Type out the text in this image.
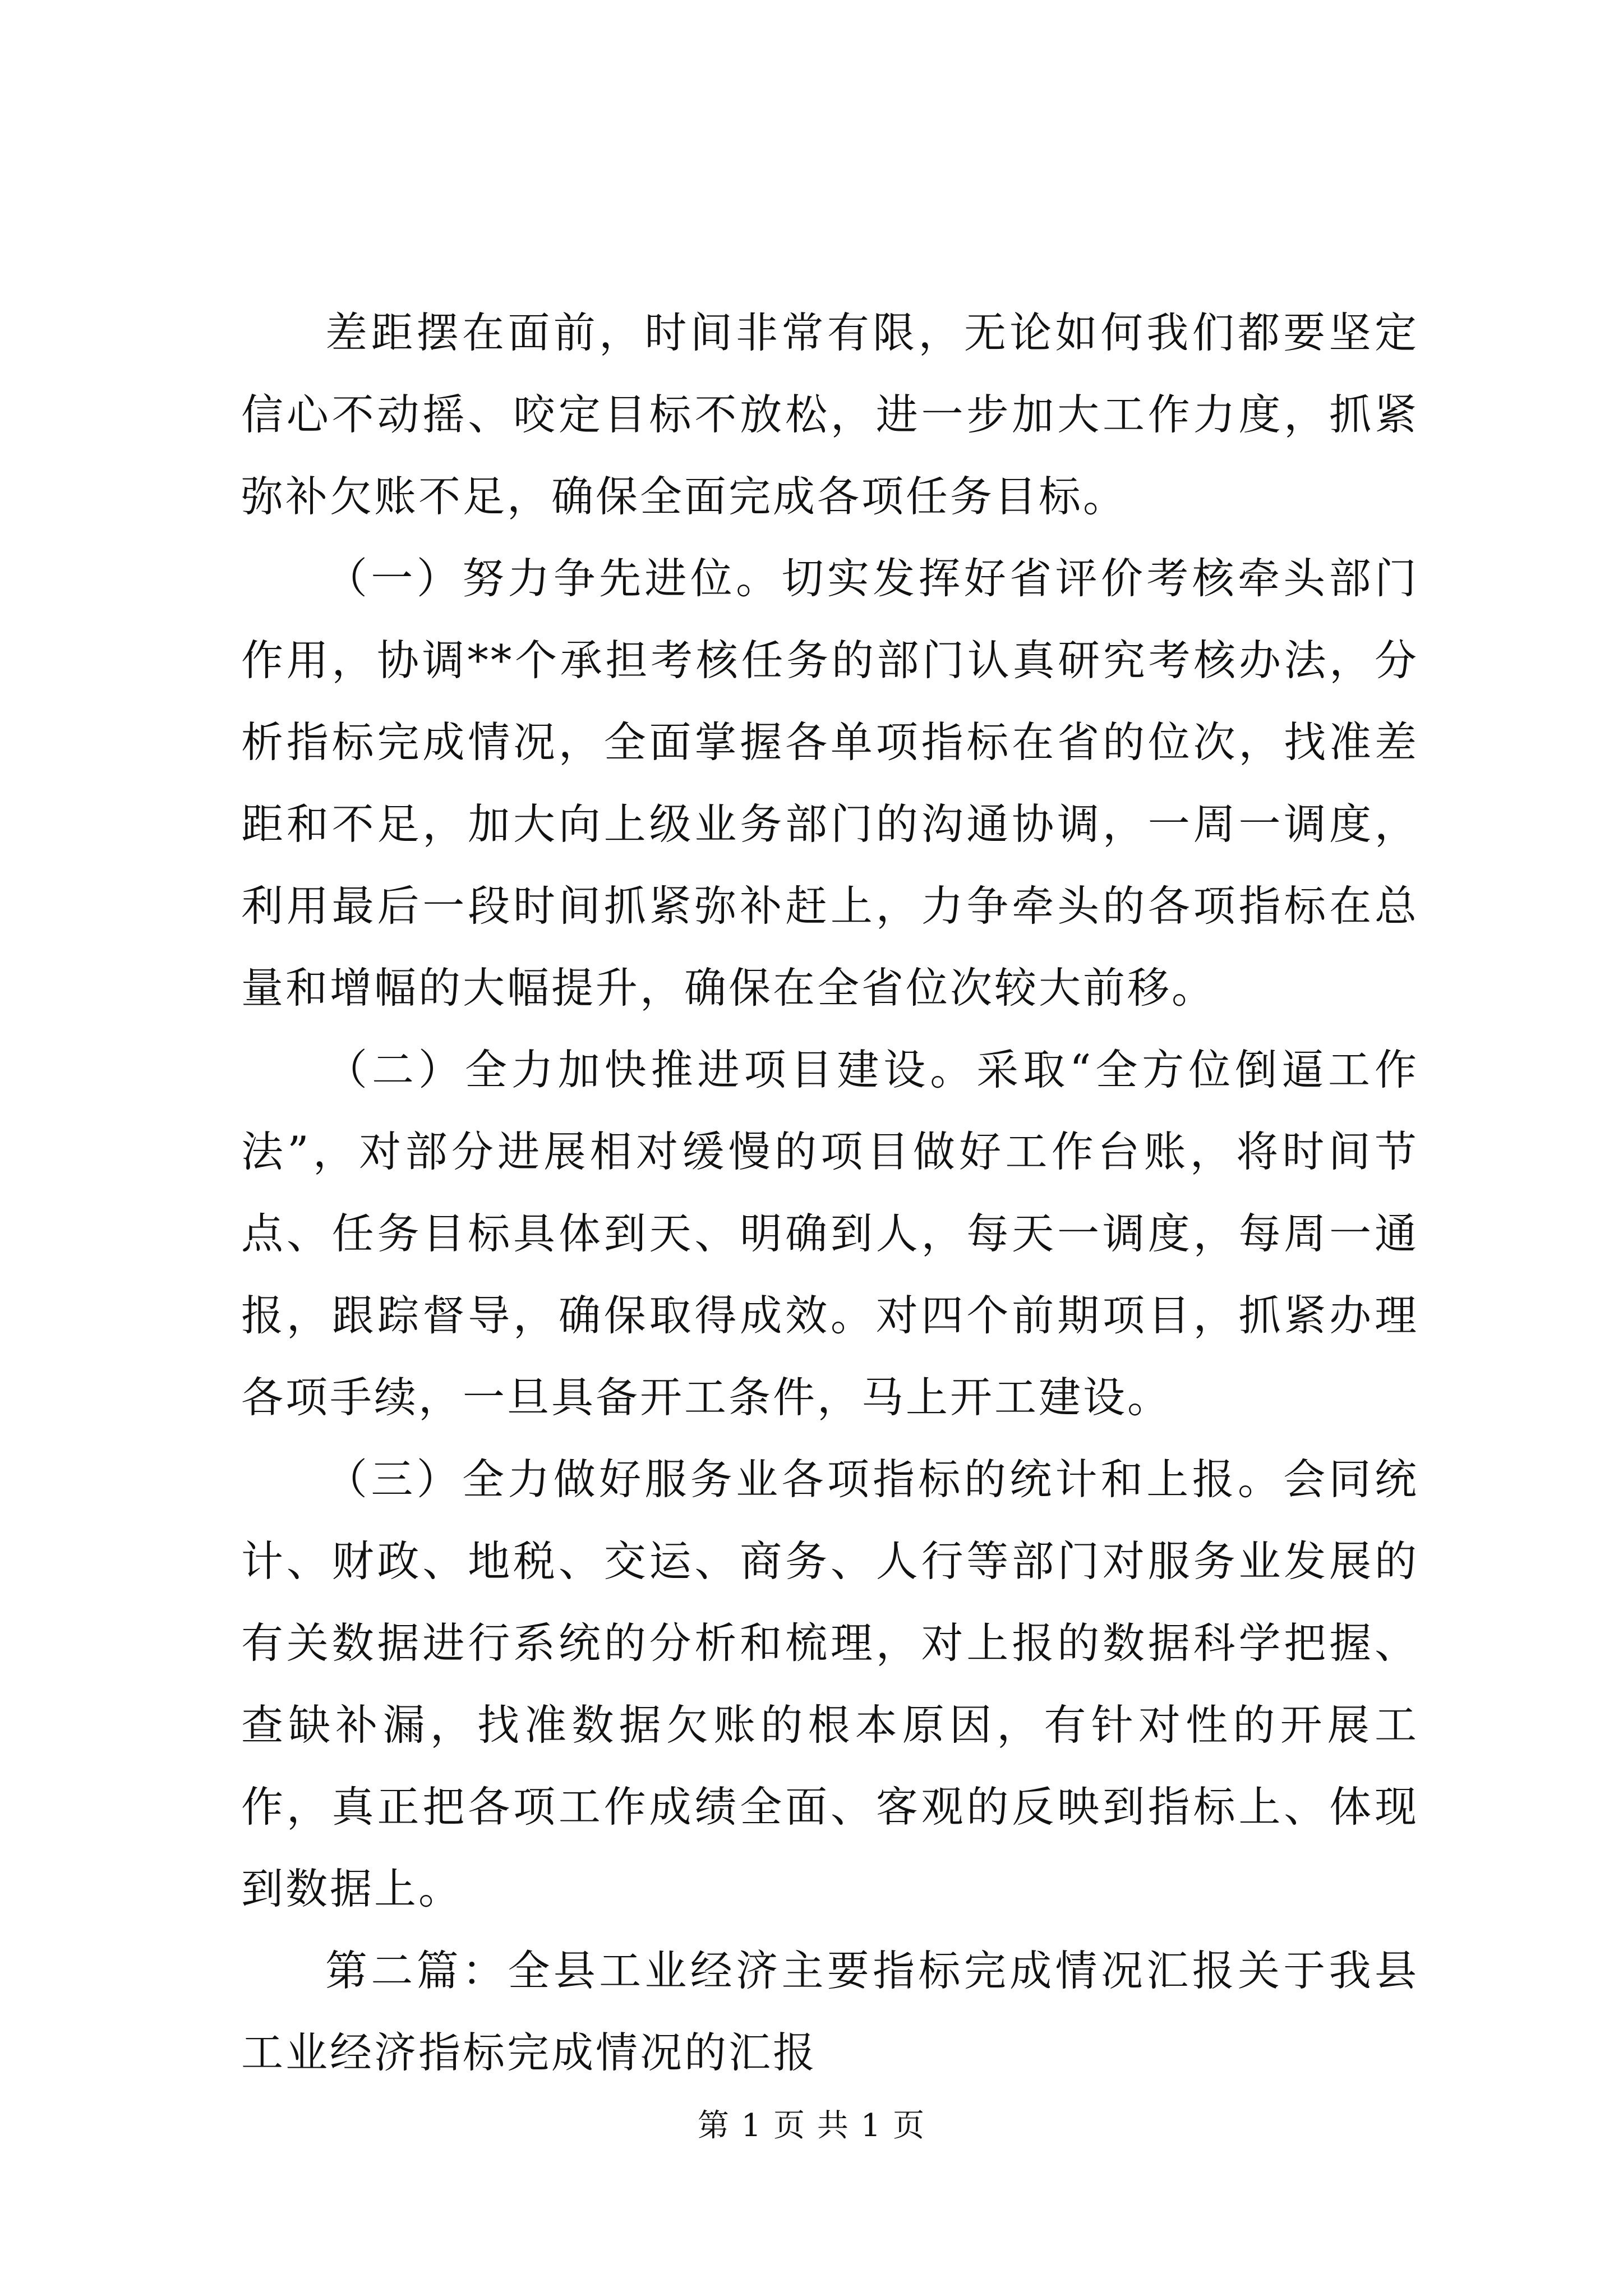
差距摆在面前，时间非常有限，无论如何我们都要坚定信心不动摇、咬定目标不放松，进一步加大工作力度，抓紧弥补欠账不足，确保全面完成各项任务目标。

（一）努力争先进位。切实发挥好省评价考核牵头部门作用，协调**个承担考核任务的部门认真研究考核办法，分析指标完成情况，全面掌握各单项指标在省的位次，找准差距和不足，加大向上级业务部门的沟通协调，一周一调度，利用最后一段时间抓紧弥补赶上，力争牵头的各项指标在总量和增幅的大幅提升，确保在全省位次较大前移。

（二）全力加快推进项目建设。采取“全方位倒逼工作法”，对部分进展相对缓慢的项目做好工作台账，将时间节点、任务目标具体到天、明确到人，每天一调度，每周一通报，跟踪督导，确保取得成效。对四个前期项目，抓紧办理各项手续，一旦具备开工条件，马上开工建设。

（三）全力做好服务业各项指标的统计和上报。会同统计、财政、地税、交运、商务、人行等部门对服务业发展的有关数据进行系统的分析和梳理，对上报的数据科学把握、查缺补漏，找准数据欠账的根本原因，有针对性的开展工作，真正把各项工作成绩全面、客观的反映到指标上、体现到数据上。

第二篇：全县工业经济主要指标完成情况汇报关于我县工业经济指标完成情况的汇报

第 1 页 共 1 页
